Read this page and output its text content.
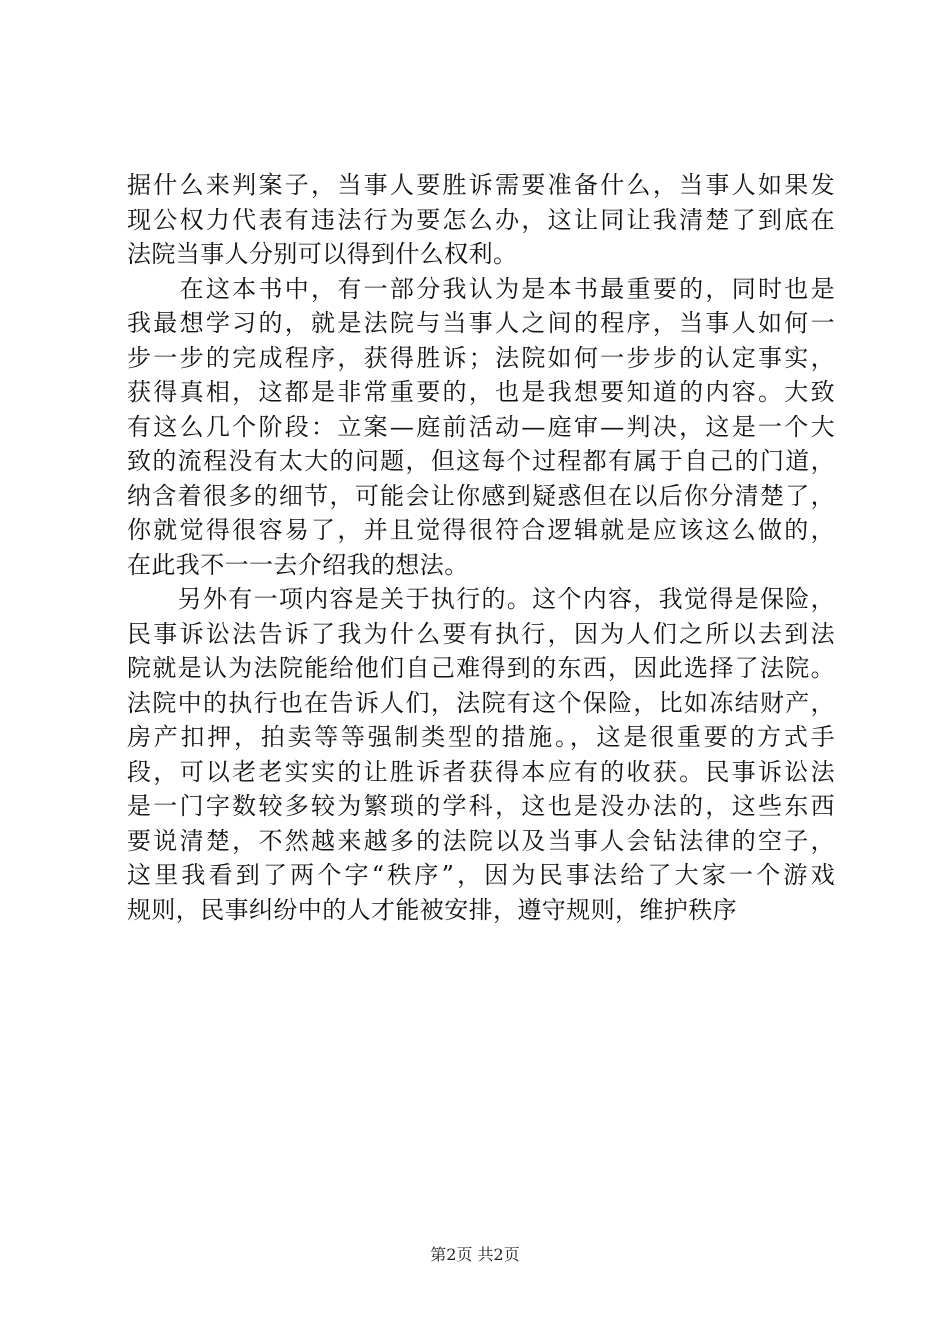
据什么来判案子，当事人要胜诉需要准备什么，当事人如果发
现公权力代表有违法行为要怎么办，这让同让我清楚了到底在
法院当事人分别可以得到什么权利。
　　在这本书中，有一部分我认为是本书最重要的，同时也是
我最想学习的，就是法院与当事人之间的程序，当事人如何一
步一步的完成程序，获得胜诉；法院如何一步步的认定事实，
获得真相，这都是非常重要的，也是我想要知道的内容。大致
有这么几个阶段：立案—庭前活动—庭审—判决，这是一个大
致的流程没有太大的问题，但这每个过程都有属于自己的门道，
纳含着很多的细节，可能会让你感到疑惑但在以后你分清楚了，
你就觉得很容易了，并且觉得很符合逻辑就是应该这么做的，
在此我不一一去介绍我的想法。
　　另外有一项内容是关于执行的。这个内容，我觉得是保险，
民事诉讼法告诉了我为什么要有执行，因为人们之所以去到法
院就是认为法院能给他们自己难得到的东西，因此选择了法院。
法院中的执行也在告诉人们，法院有这个保险，比如冻结财产，
房产扣押，拍卖等等强制类型的措施。，这是很重要的方式手
段，可以老老实实的让胜诉者获得本应有的收获。民事诉讼法
是一门字数较多较为繁琐的学科，这也是没办法的，这些东西
要说清楚，不然越来越多的法院以及当事人会钻法律的空子，
这里我看到了两个字“秩序”，因为民事法给了大家一个游戏
规则，民事纠纷中的人才能被安排，遵守规则，维护秩序
第2页 共2页
